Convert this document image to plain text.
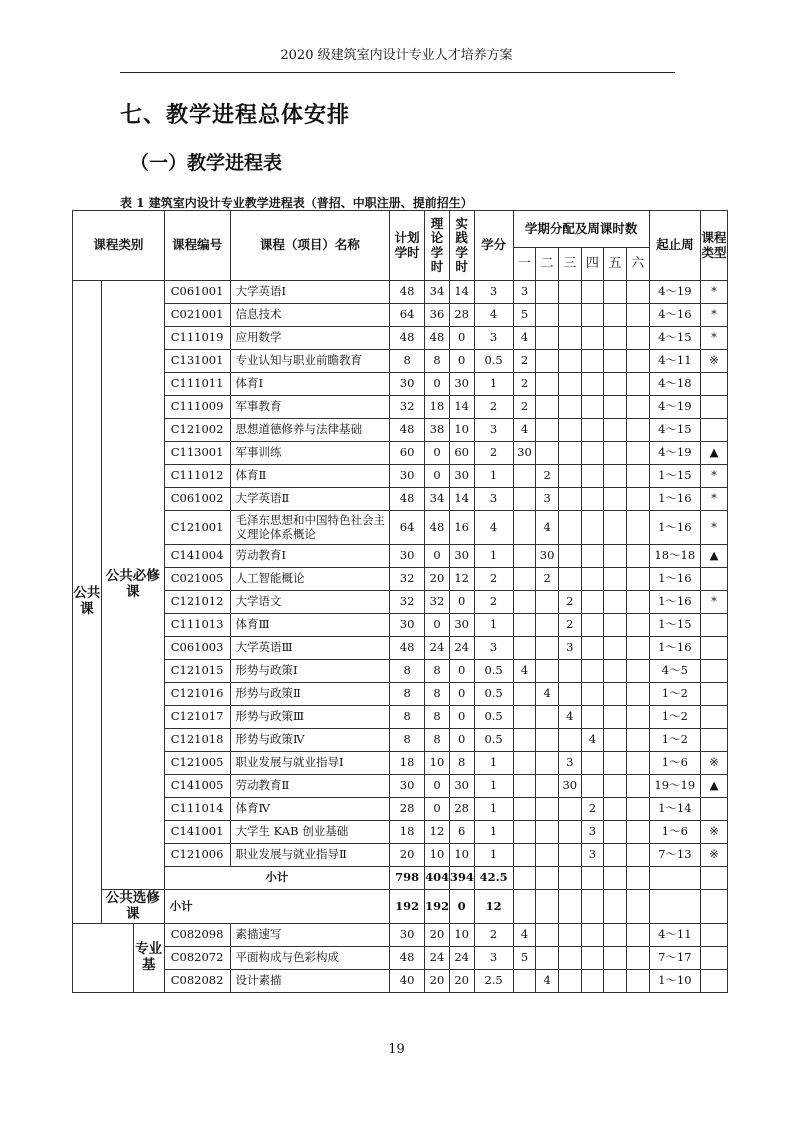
2020 级建筑室内设计专业人才培养方案
七、教学进程总体安排
（一）教学进程表
表 1 建筑室内设计专业教学进程表（普招、中职注册、提前招生）
课程类别			课程编号	课程（项目）名称	计划学时	理论学时	实践学时	学分	学期分配及周课时数						起止周	课程类型
									一	二	三	四	五	六		
公共课	公共必修课		C061001	大学英语Ⅰ	48	34	14	3	3						4～19	*
			C021001	信息技术	64	36	28	4	5						4～16	*
			C111019	应用数学	48	48	0	3	4						4～15	*
			C131001	专业认知与职业前瞻教育	8	8	0	0.5	2						4～11	※
			C111011	体育Ⅰ	30	0	30	1	2						4～18	
			C111009	军事教育	32	18	14	2	2						4～19	
			C121002	思想道德修养与法律基础	48	38	10	3	4						4～15	
			C113001	军事训练	60	0	60	2	30						4～19	▲
			C111012	体育Ⅱ	30	0	30	1		2					1～15	*
			C061002	大学英语Ⅱ	48	34	14	3		3					1～16	*
			C121001	毛泽东思想和中国特色社会主义理论体系概论	64	48	16	4		4					1～16	*
			C141004	劳动教育Ⅰ	30	0	30	1		30					18～18	▲
			C021005	人工智能概论	32	20	12	2		2					1～16	
			C121012	大学语文	32	32	0	2			2				1～16	*
			C111013	体育Ⅲ	30	0	30	1			2				1～15	
			C061003	大学英语Ⅲ	48	24	24	3			3				1～16	
			C121015	形势与政策Ⅰ	8	8	0	0.5	4						4～5	
			C121016	形势与政策Ⅱ	8	8	0	0.5		4					1～2	
			C121017	形势与政策Ⅲ	8	8	0	0.5			4				1～2	
			C121018	形势与政策Ⅳ	8	8	0	0.5				4			1～2	
			C121005	职业发展与就业指导Ⅰ	18	10	8	1			3				1～6	※
			C141005	劳动教育Ⅱ	30	0	30	1			30				19～19	▲
			C111014	体育Ⅳ	28	0	28	1				2			1～14	
			C141001	大学生 KAB 创业基础	18	12	6	1				3			1～6	※
			C121006	职业发展与就业指导Ⅱ	20	10	10	1				3			7～13	※
			小计		798	404	394	42.5								
	公共选修课		小计		192	192	0	12								
		专业基	C082098	素描速写	30	20	10	2	4						4～11	
			C082072	平面构成与色彩构成	48	24	24	3	5						7～17	
			C082082	设计素描	40	20	20	2.5		4					1～10	
19
